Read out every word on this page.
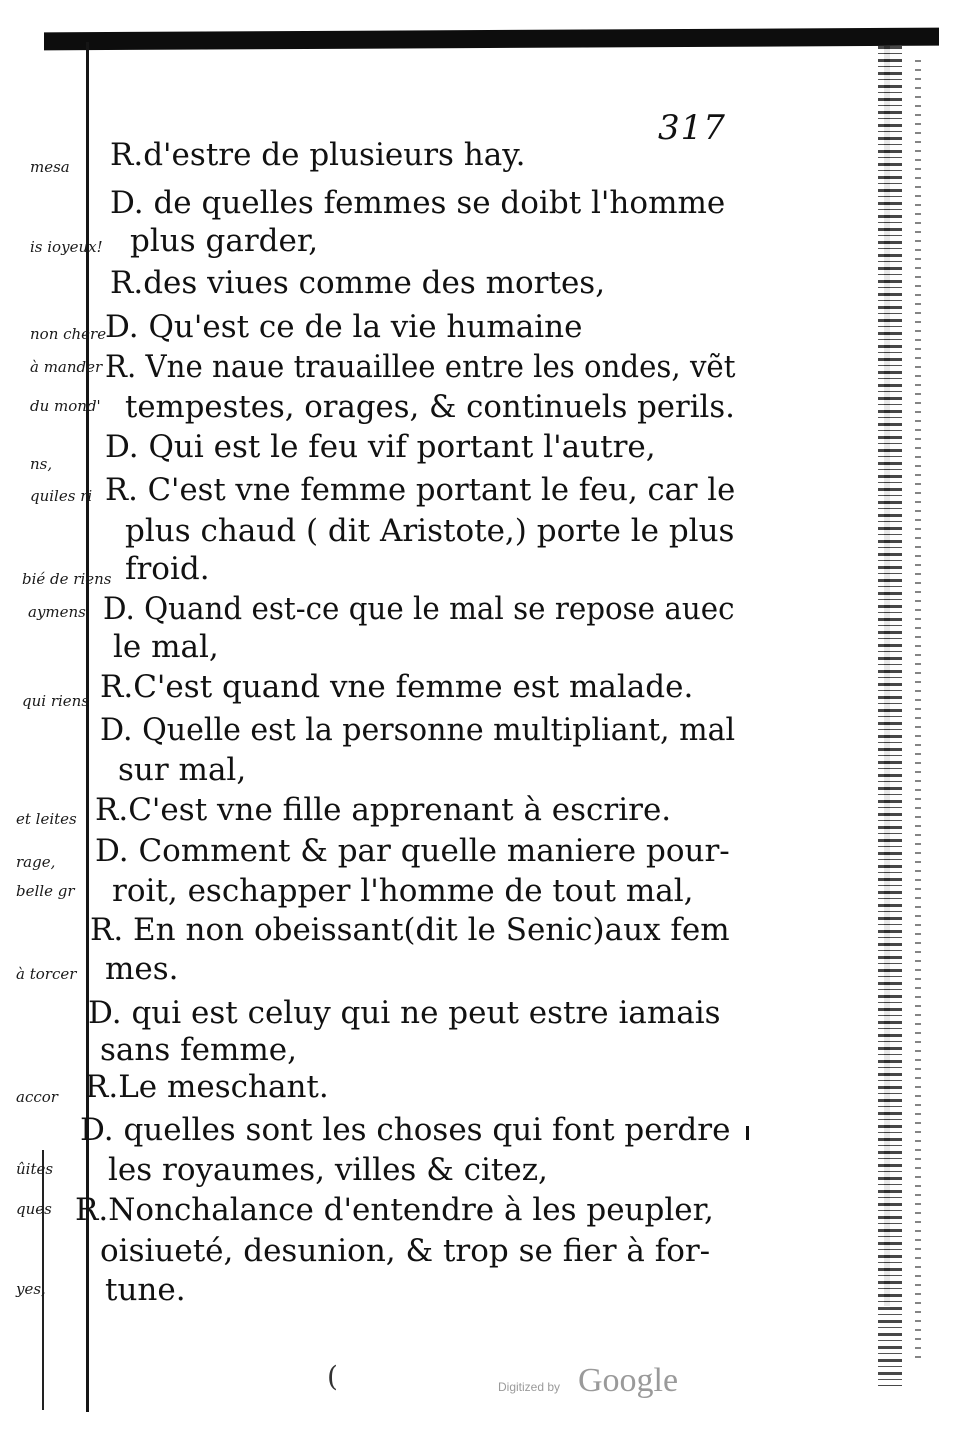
317
mesa
is ioyeux!
non chere
à mander
du mond'
ns,
quiles ri
bié de riens
aymens
qui riens
et leites
rage,
belle gr
à torcer
accor
ûites
ques
yes,
R.d'estre de plusieurs hay.
D. de quelles femmes se doibt l'homme
plus garder,
R.des viues comme des mortes,
D. Qu'est ce de la vie humaine
R. Vne naue trauaillee entre les ondes, vẽt
tempestes, orages, & continuels perils.
D. Qui est le feu vif portant l'autre,
R. C'est vne femme portant le feu, car le
plus chaud ( dit Aristote,) porte le plus
froid.
D. Quand est-ce que le mal se repose auec
le mal,
R.C'est quand vne femme est malade.
D. Quelle est la personne multipliant, mal
sur mal,
R.C'est vne fille apprenant à escrire.
D. Comment & par quelle maniere pour-
roit, eschapper l'homme de tout mal,
R. En non obeissant(dit le Senic)aux fem
mes.
D. qui est celuy qui ne peut estre iamais
sans femme,
R.Le meschant.
D. quelles sont les choses qui font perdre
les royaumes, villes & citez,
R.Nonchalance d'entendre à les peupler,
oisiueté, desunion, & trop se fier à for-
tune.
(	Digitized by Google
